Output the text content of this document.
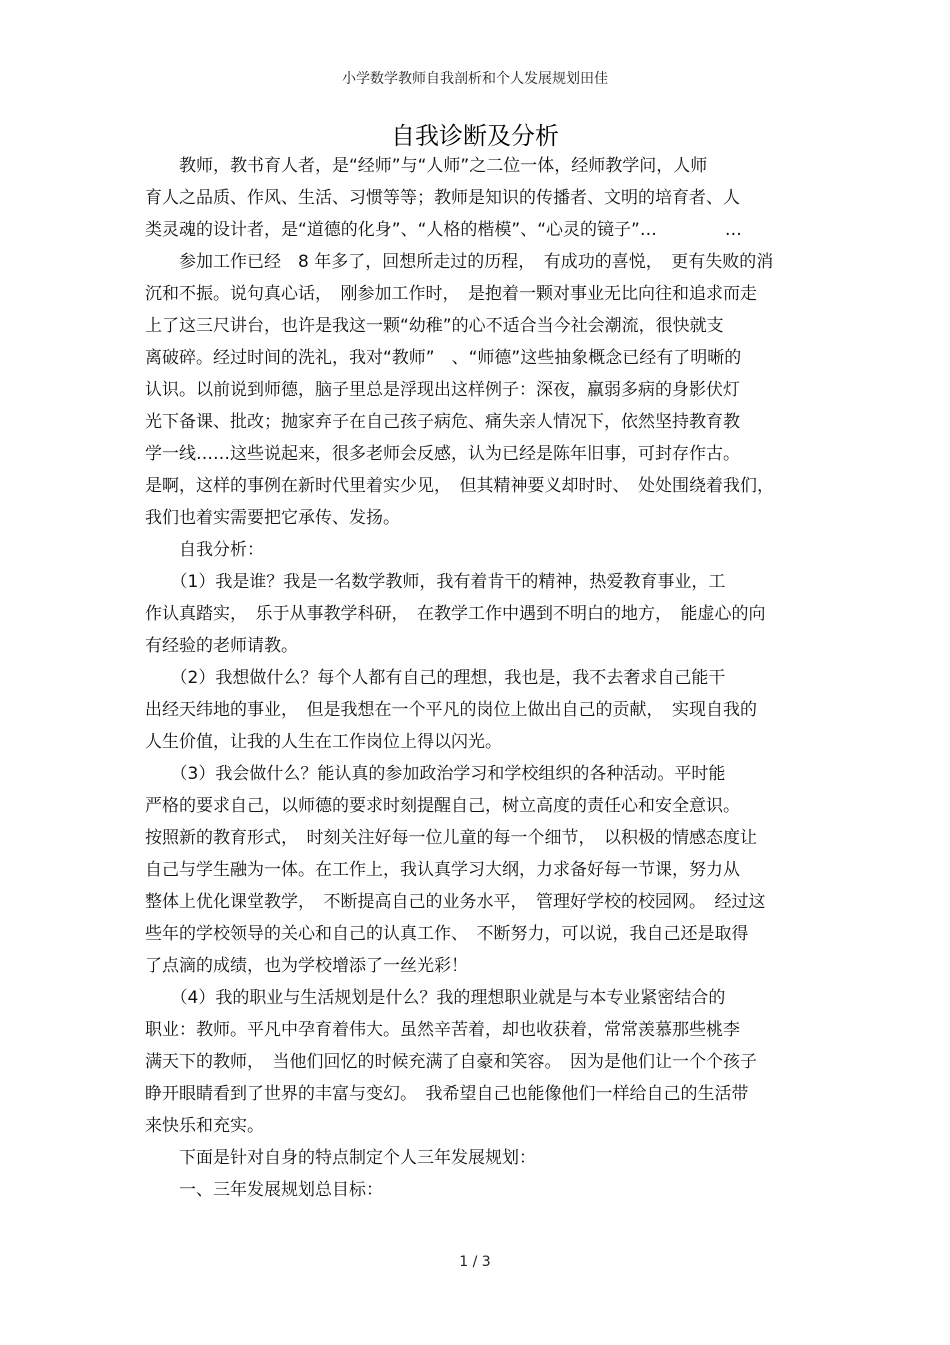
小学数学教师自我剖析和个人发展规划田佳
自我诊断及分析
　　教师，教书育人者，是“经师”与“人师”之二位一体，经师教学问，人师
育人之品质、作风、生活、习惯等等；教师是知识的传播者、文明的培育者、人
类灵魂的设计者，是“道德的化身”、“人格的楷模”、“心灵的镜子”…　　　　…
　　参加工作已经　8 年多了，回想所走过的历程，　有成功的喜悦，　更有失败的消
沉和不振。说句真心话，　刚参加工作时，　是抱着一颗对事业无比向往和追求而走
上了这三尺讲台，也许是我这一颗“幼稚”的心不适合当今社会潮流，很快就支
离破碎。经过时间的洗礼，我对“教师”　、“师德”这些抽象概念已经有了明晰的
认识。以前说到师德，脑子里总是浮现出这样例子：深夜，羸弱多病的身影伏灯
光下备课、批改；抛家弃子在自己孩子病危、痛失亲人情况下，依然坚持教育教
学一线……这些说起来，很多老师会反感，认为已经是陈年旧事，可封存作古。
是啊，这样的事例在新时代里着实少见，　但其精神要义却时时、　处处围绕着我们，
我们也着实需要把它承传、发扬。
　　自我分析：
　　（1）我是谁？我是一名数学教师，我有着肯干的精神，热爱教育事业，工
作认真踏实，　乐于从事教学科研，　在教学工作中遇到不明白的地方，　能虚心的向
有经验的老师请教。
　　（2）我想做什么？每个人都有自己的理想，我也是，我不去奢求自己能干
出经天纬地的事业，　但是我想在一个平凡的岗位上做出自己的贡献，　实现自我的
人生价值，让我的人生在工作岗位上得以闪光。
　　（3）我会做什么？能认真的参加政治学习和学校组织的各种活动。平时能
严格的要求自己，以师德的要求时刻提醒自己，树立高度的责任心和安全意识。
按照新的教育形式，　时刻关注好每一位儿童的每一个细节，　以积极的情感态度让
自己与学生融为一体。在工作上，我认真学习大纲，力求备好每一节课，努力从
整体上优化课堂教学，　不断提高自己的业务水平，　管理好学校的校园网。　经过这
些年的学校领导的关心和自己的认真工作、　不断努力，可以说，我自己还是取得
了点滴的成绩，也为学校增添了一丝光彩！
　　（4）我的职业与生活规划是什么？我的理想职业就是与本专业紧密结合的
职业：教师。平凡中孕育着伟大。虽然辛苦着，却也收获着，常常羡慕那些桃李
满天下的教师，　当他们回忆的时候充满了自豪和笑容。　因为是他们让一个个孩子
睁开眼睛看到了世界的丰富与变幻。　我希望自己也能像他们一样给自己的生活带
来快乐和充实。
　　下面是针对自身的特点制定个人三年发展规划：
　　一、三年发展规划总目标：
1 / 3
